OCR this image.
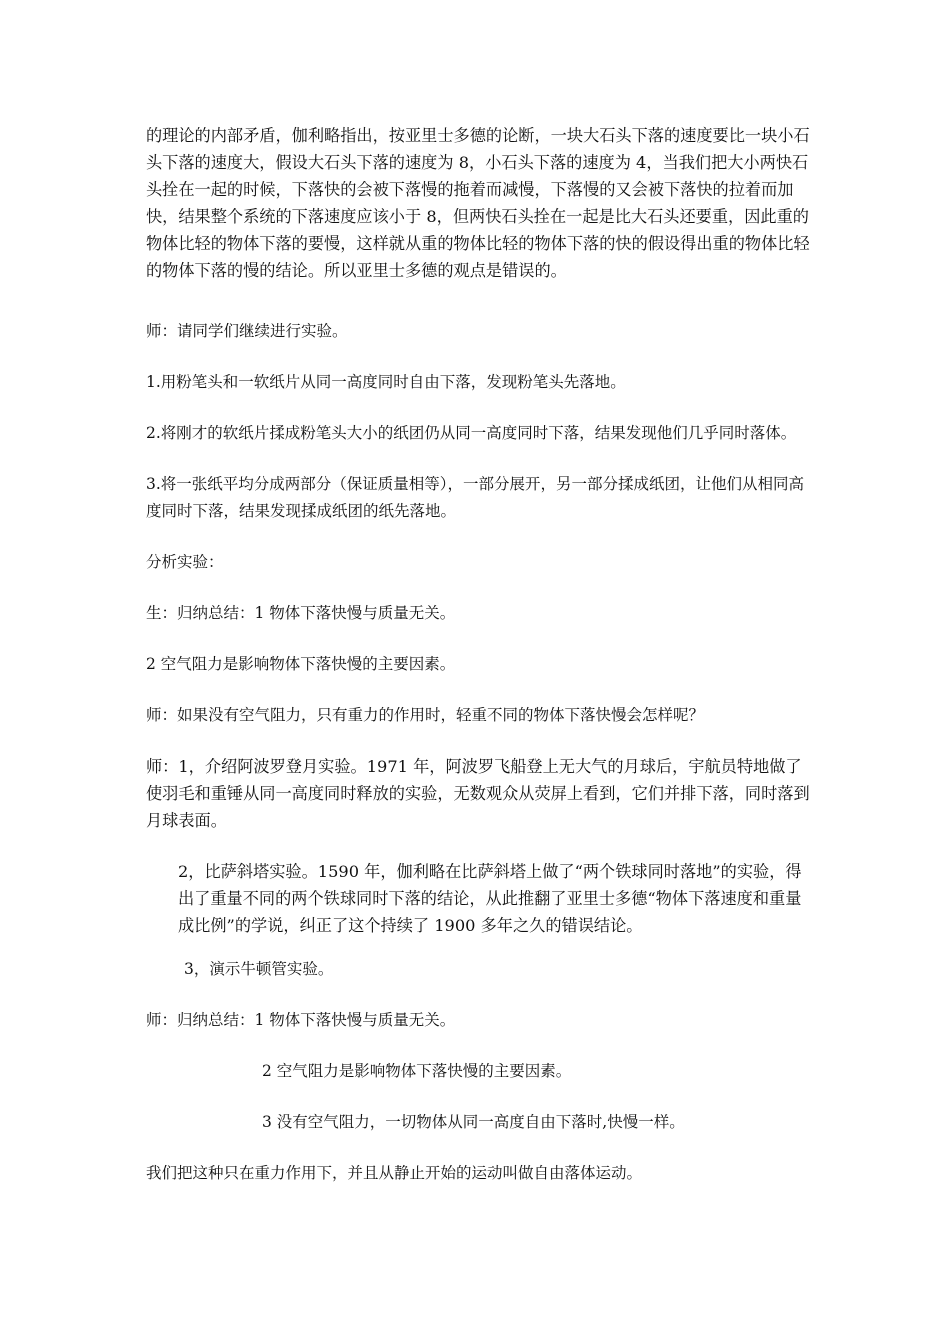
的理论的内部矛盾，伽利略指出，按亚里士多德的论断，一块大石头下落的速度要比一块小石头下落的速度大，假设大石头下落的速度为 8，小石头下落的速度为 4，当我们把大小两快石头拴在一起的时候，下落快的会被下落慢的拖着而减慢，下落慢的又会被下落快的拉着而加快，结果整个系统的下落速度应该小于 8，但两快石头拴在一起是比大石头还要重，因此重的物体比轻的物体下落的要慢，这样就从重的物体比轻的物体下落的快的假设得出重的物体比轻的物体下落的慢的结论。所以亚里士多德的观点是错误的。

师：请同学们继续进行实验。

1.用粉笔头和一软纸片从同一高度同时自由下落，发现粉笔头先落地。

2.将刚才的软纸片揉成粉笔头大小的纸团仍从同一高度同时下落，结果发现他们几乎同时落体。

3.将一张纸平均分成两部分（保证质量相等），一部分展开，另一部分揉成纸团，让他们从相同高度同时下落，结果发现揉成纸团的纸先落地。

分析实验：

生：归纳总结：1 物体下落快慢与质量无关。

2 空气阻力是影响物体下落快慢的主要因素。

师：如果没有空气阻力，只有重力的作用时，轻重不同的物体下落快慢会怎样呢？

师：1，介绍阿波罗登月实验。1971 年，阿波罗飞船登上无大气的月球后，宇航员特地做了使羽毛和重锤从同一高度同时释放的实验，无数观众从荧屏上看到，它们并排下落，同时落到月球表面。

2，比萨斜塔实验。1590 年，伽利略在比萨斜塔上做了“两个铁球同时落地”的实验，得出了重量不同的两个铁球同时下落的结论，从此推翻了亚里士多德“物体下落速度和重量成比例”的学说，纠正了这个持续了 1900 多年之久的错误结论。

3，演示牛顿管实验。

师：归纳总结：1 物体下落快慢与质量无关。

2 空气阻力是影响物体下落快慢的主要因素。

3 没有空气阻力，一切物体从同一高度自由下落时,快慢一样。

我们把这种只在重力作用下，并且从静止开始的运动叫做自由落体运动。
